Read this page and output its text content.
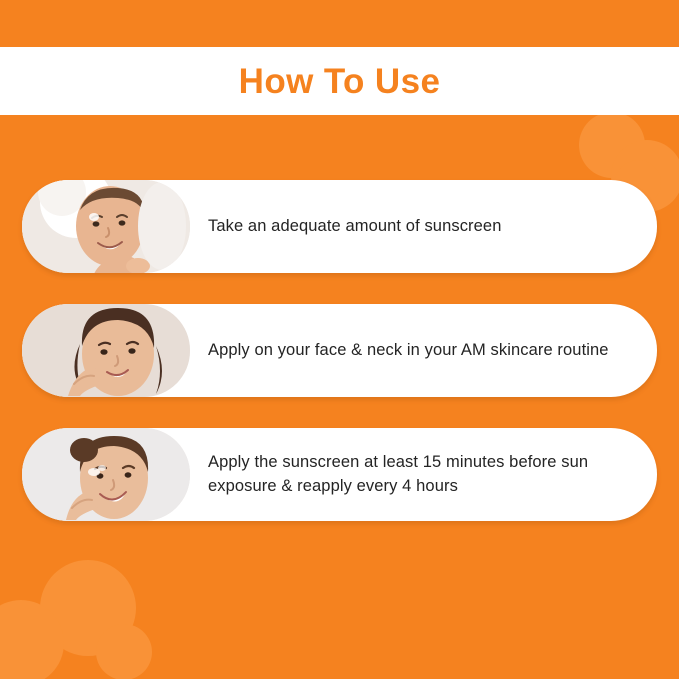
How To Use
Take an adequate amount of sunscreen
Apply on your face & neck in your AM skincare routine
Apply the sunscreen at least 15 minutes before sun exposure & reapply every 4 hours
